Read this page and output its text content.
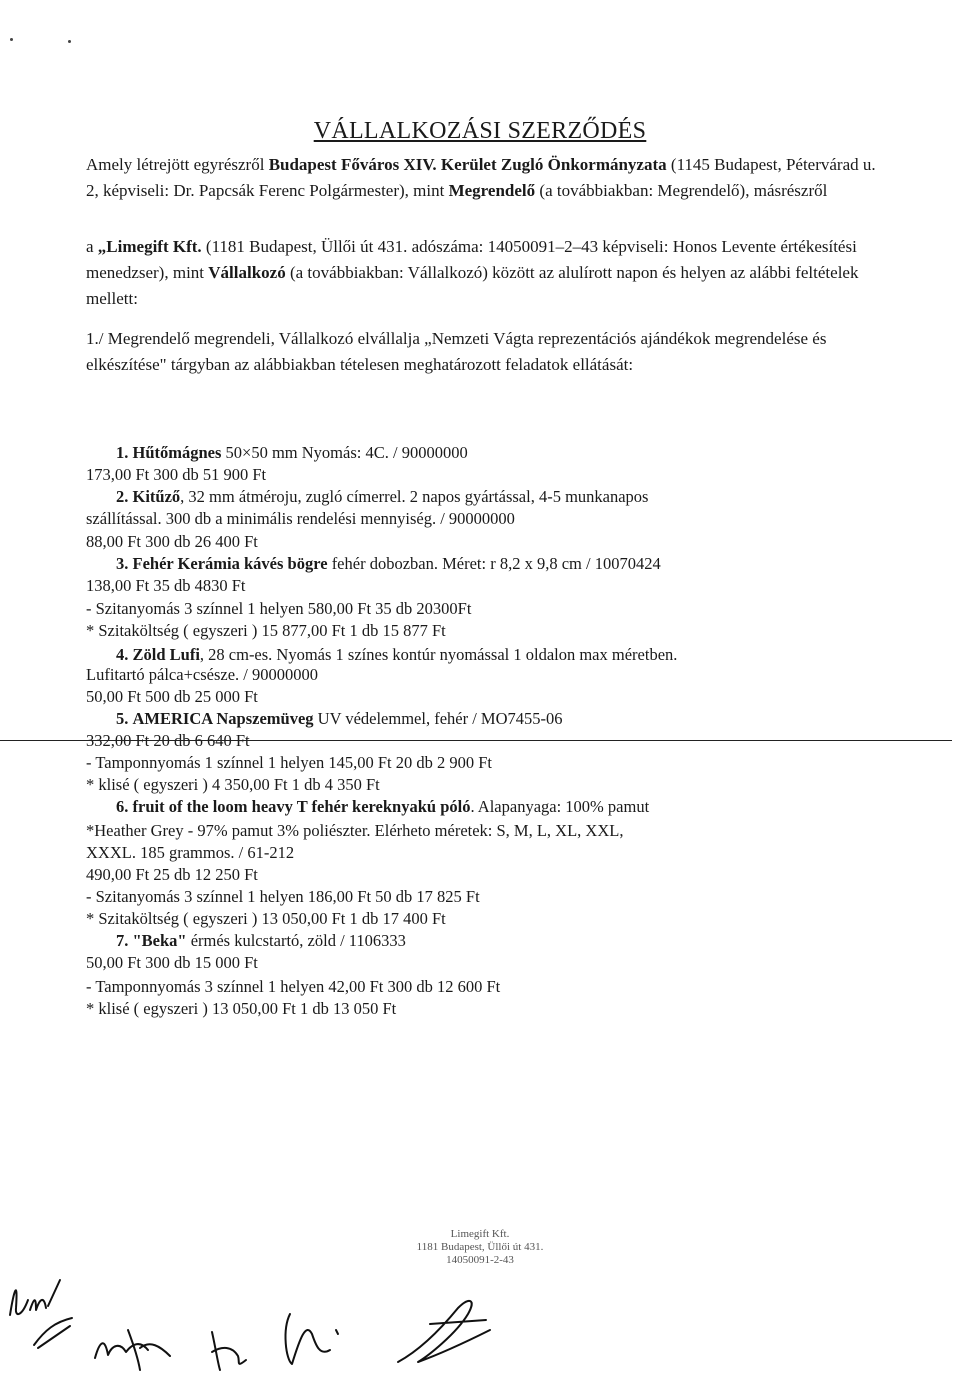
VÁLLALKOZÁSI SZERZŐDÉS
Amely létrejött egyrészről Budapest Főváros XIV. Kerület Zugló Önkormányzata (1145 Budapest, Pétervárad u. 2, képviseli: Dr. Papcsák Ferenc Polgármester), mint Megrendelő (a továbbiakban: Megrendelő), másrészről
a „Limegift Kft. (1181 Budapest, Üllői út 431. adószáma: 14050091–2–43 képviseli: Honos Levente értékesítési menedzser), mint Vállalkozó (a továbbiakban: Vállalkozó) között az alulírott napon és helyen az alábbi feltételek mellett:
1./ Megrendelő megrendeli, Vállalkozó elvállalja „Nemzeti Vágta reprezentációs ajándékok megrendelése és elkészítése" tárgyban az alábbiakban tételesen meghatározott feladatok ellátását:
1. Hűtőmágnes 50×50 mm Nyomás: 4C. / 90000000
173,00 Ft 300 db 51 900 Ft
2. Kitűző, 32 mm átméroju, zugló címerrel. 2 napos gyártással, 4-5 munkanapos
szállítással. 300 db a minimális rendelési mennyiség. / 90000000
88,00 Ft 300 db 26 400 Ft
3. Fehér Kerámia kávés bögre fehér dobozban. Méret: r 8,2 x 9,8 cm / 10070424
138,00 Ft 35 db 4830 Ft
- Szitanyomás 3 színnel 1 helyen 580,00 Ft 35 db 20300Ft
* Szitaköltség ( egyszeri ) 15 877,00 Ft 1 db 15 877 Ft
4. Zöld Lufi, 28 cm-es. Nyomás 1 színes kontúr nyomással 1 oldalon max méretben.
Lufitartó pálca+csésze. / 90000000
50,00 Ft 500 db 25 000 Ft
5. AMERICA Napszemüveg UV védelemmel, fehér / MO7455-06
332,00 Ft 20 db 6 640 Ft
- Tamponnyomás 1 színnel 1 helyen 145,00 Ft 20 db 2 900 Ft
* klisé ( egyszeri ) 4 350,00 Ft 1 db 4 350 Ft
6. fruit of the loom heavy T fehér kereknyakú póló. Alapanyaga: 100% pamut
*Heather Grey - 97% pamut 3% poliészter. Elérheto méretek: S, M, L, XL, XXL,
XXXL. 185 grammos. / 61-212
490,00 Ft 25 db 12 250 Ft
- Szitanyomás 3 színnel 1 helyen 186,00 Ft 50 db 17 825 Ft
* Szitaköltség ( egyszeri ) 13 050,00 Ft 1 db 17 400 Ft
7. "Beka" érmés kulcstartó, zöld / 1106333
50,00 Ft 300 db 15 000 Ft
- Tamponnyomás 3 színnel 1 helyen 42,00 Ft 300 db 12 600 Ft
* klisé ( egyszeri ) 13 050,00 Ft 1 db 13 050 Ft
Limegift Kft.
1181 Budapest, Üllői út 431.
14050091-2-43
